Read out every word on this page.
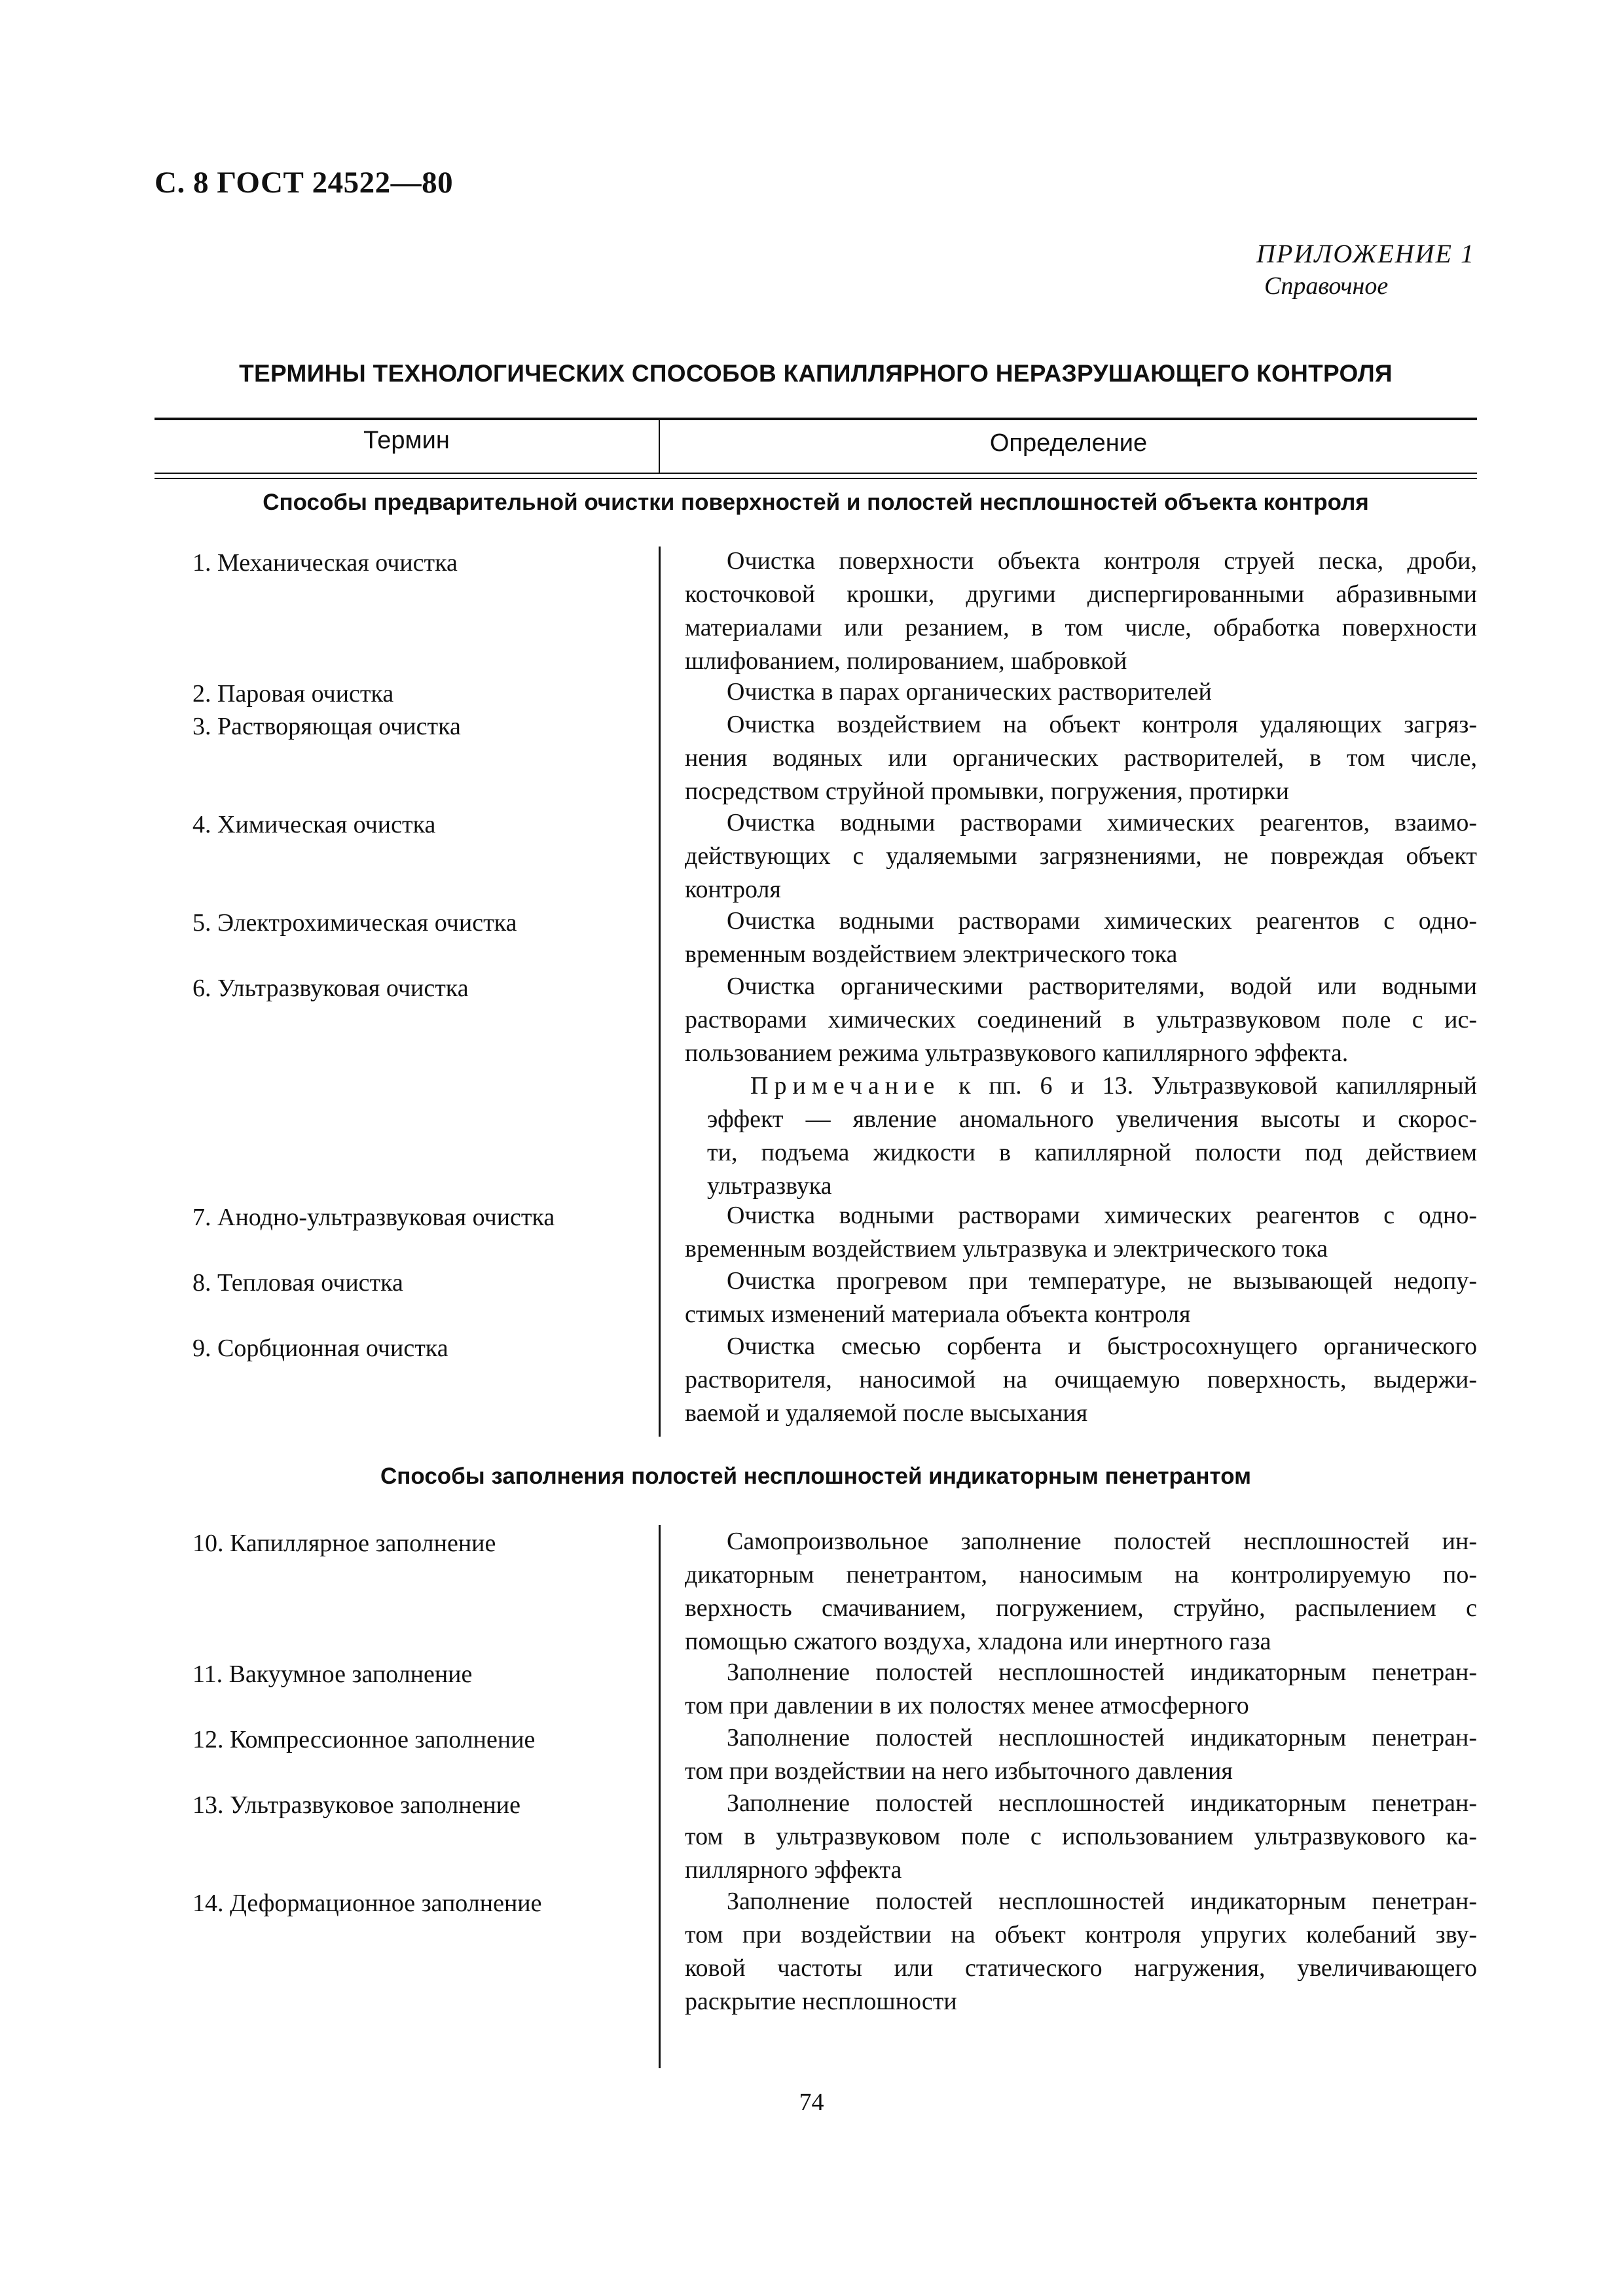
С. 8 ГОСТ 24522—80
ПРИЛОЖЕНИЕ 1
Справочное
ТЕРМИНЫ ТЕХНОЛОГИЧЕСКИХ СПОСОБОВ КАПИЛЛЯРНОГО НЕРАЗРУШАЮЩЕГО КОНТРОЛЯ
Термин	Определение
Способы предварительной очистки поверхностей и полостей несплошностей объекта контроля
1. Механическая очистка	Очистка поверхности объекта контроля струей песка, дроби,
косточковой крошки, другими диспергированными абразивными
материалами или резанием, в том числе, обработка поверхности
шлифованием, полированием, шабровкой
2. Паровая очистка	Очистка в парах органических растворителей
3. Растворяющая очистка	Очистка воздействием на объект контроля удаляющих загряз-
нения водяных или органических растворителей, в том числе,
посредством струйной промывки, погружения, протирки
4. Химическая очистка	Очистка водными растворами химических реагентов, взаимо-
действующих с удаляемыми загрязнениями, не повреждая объект
контроля
5. Электрохимическая очистка	Очистка водными растворами химических реагентов с одно-
временным воздействием электрического тока
6. Ультразвуковая очистка	Очистка органическими растворителями, водой или водными
растворами химических соединений в ультразвуковом поле с ис-
пользованием режима ультразвукового капиллярного эффекта.
Примечание к пп. 6 и 13. Ультразвуковой капиллярный
эффект — явление аномального увеличения высоты и скорос-
ти, подъема жидкости в капиллярной полости под действием
ультразвука
7. Анодно-ультразвуковая очистка	Очистка водными растворами химических реагентов с одно-
временным воздействием ультразвука и электрического тока
8. Тепловая очистка	Очистка прогревом при температуре, не вызывающей недопу-
стимых изменений материала объекта контроля
9. Сорбционная очистка	Очистка смесью сорбента и быстросохнущего органического
растворителя, наносимой на очищаемую поверхность, выдержи-
ваемой и удаляемой после высыхания
Способы заполнения полостей несплошностей индикаторным пенетрантом
10. Капиллярное заполнение	Самопроизвольное заполнение полостей несплошностей ин-
дикаторным пенетрантом, наносимым на контролируемую по-
верхность смачиванием, погружением, струйно, распылением с
помощью сжатого воздуха, хладона или инертного газа
11. Вакуумное заполнение	Заполнение полостей несплошностей индикаторным пенетран-
том при давлении в их полостях менее атмосферного
12. Компрессионное заполнение	Заполнение полостей несплошностей индикаторным пенетран-
том при воздействии на него избыточного давления
13. Ультразвуковое заполнение	Заполнение полостей несплошностей индикаторным пенетран-
том в ультразвуковом поле с использованием ультразвукового ка-
пиллярного эффекта
14. Деформационное заполнение	Заполнение полостей несплошностей индикаторным пенетран-
том при воздействии на объект контроля упругих колебаний зву-
ковой частоты или статического нагружения, увеличивающего
раскрытие несплошности
74
